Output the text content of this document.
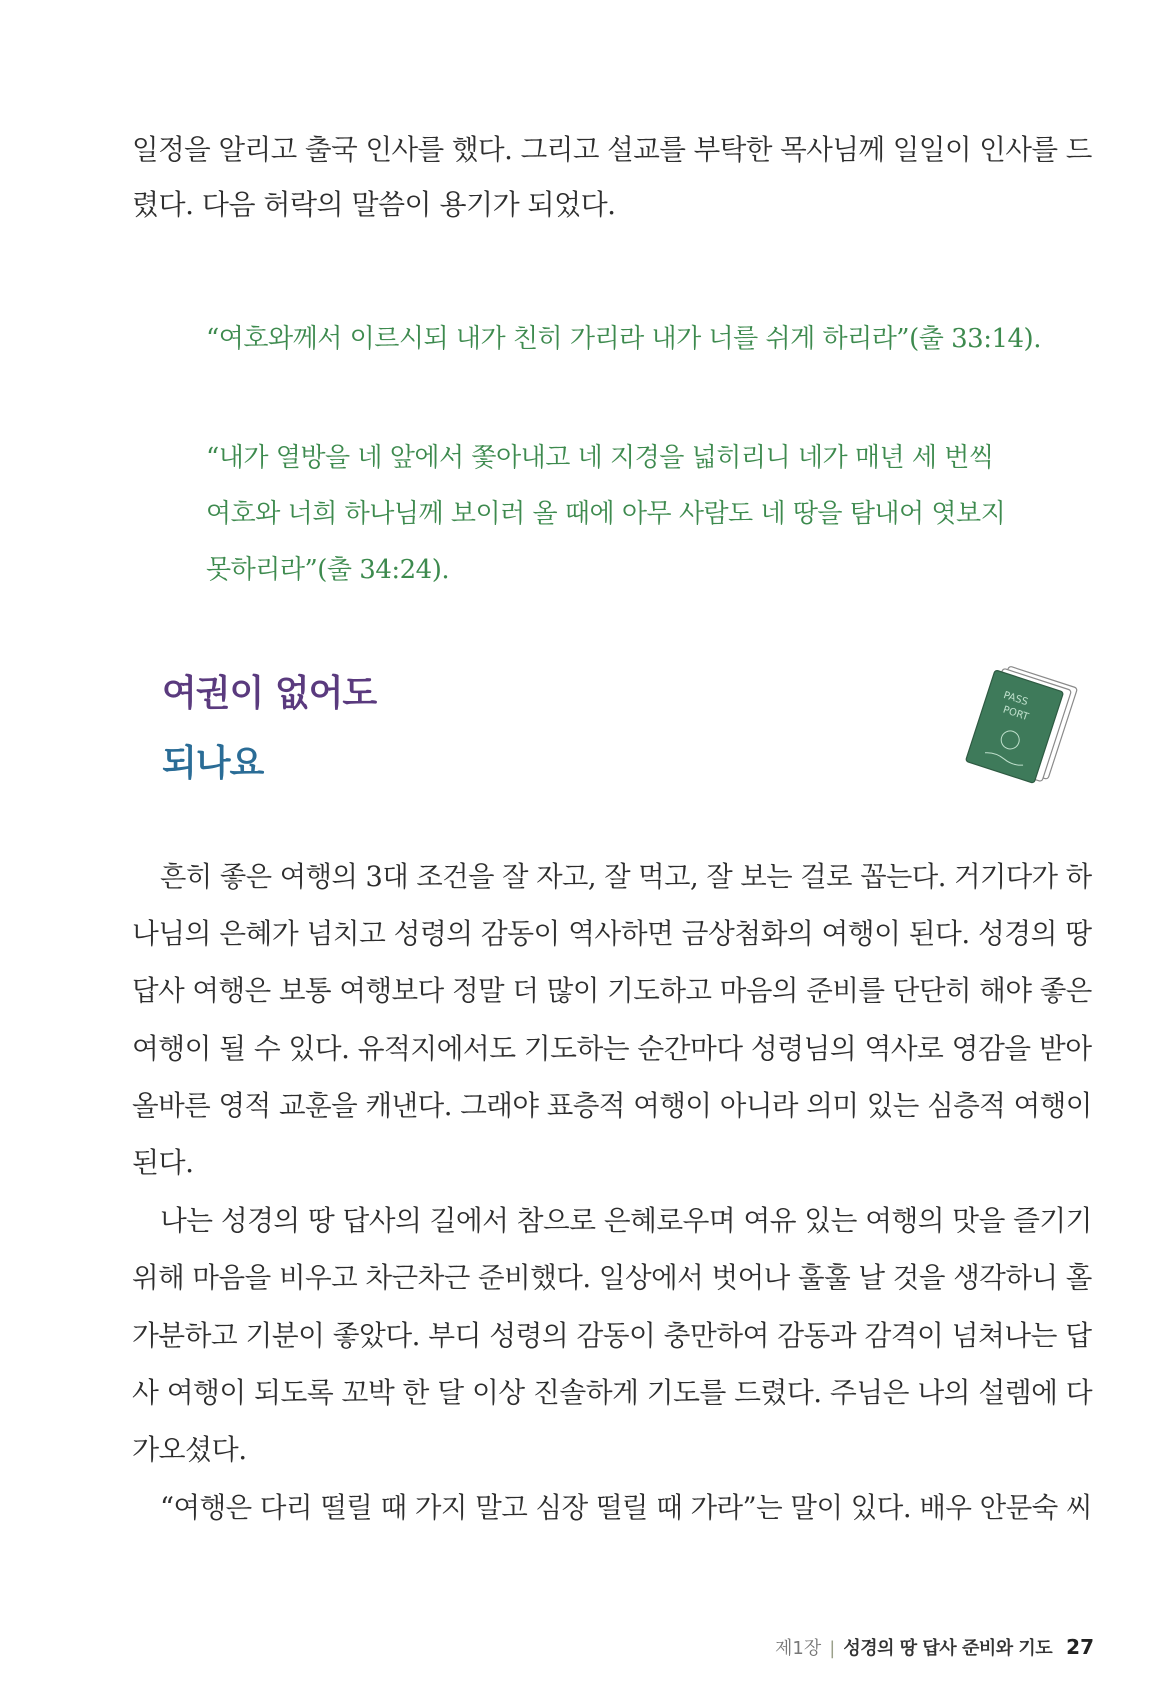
일정을 알리고 출국 인사를 했다. 그리고 설교를 부탁한 목사님께 일일이 인사를 드
렸다. 다음 허락의 말씀이 용기가 되었다.
“여호와께서 이르시되 내가 친히 가리라 내가 너를 쉬게 하리라”(출 33:14).
“내가 열방을 네 앞에서 쫓아내고 네 지경을 넓히리니 네가 매년 세 번씩
여호와 너희 하나님께 보이러 올 때에 아무 사람도 네 땅을 탐내어 엿보지
못하리라”(출 34:24).
여권이 없어도
되나요
PASS
PORT
흔히 좋은 여행의 3대 조건을 잘 자고, 잘 먹고, 잘 보는 걸로 꼽는다. 거기다가 하
나님의 은혜가 넘치고 성령의 감동이 역사하면 금상첨화의 여행이 된다. 성경의 땅
답사 여행은 보통 여행보다 정말 더 많이 기도하고 마음의 준비를 단단히 해야 좋은
여행이 될 수 있다. 유적지에서도 기도하는 순간마다 성령님의 역사로 영감을 받아
올바른 영적 교훈을 캐낸다. 그래야 표층적 여행이 아니라 의미 있는 심층적 여행이
된다.
나는 성경의 땅 답사의 길에서 참으로 은혜로우며 여유 있는 여행의 맛을 즐기기
위해 마음을 비우고 차근차근 준비했다. 일상에서 벗어나 훌훌 날 것을 생각하니 홀
가분하고 기분이 좋았다. 부디 성령의 감동이 충만하여 감동과 감격이 넘쳐나는 답
사 여행이 되도록 꼬박 한 달 이상 진솔하게 기도를 드렸다. 주님은 나의 설렘에 다
가오셨다.
“여행은 다리 떨릴 때 가지 말고 심장 떨릴 때 가라”는 말이 있다. 배우 안문숙 씨
제1장 | 성경의 땅 답사 준비와 기도 27
